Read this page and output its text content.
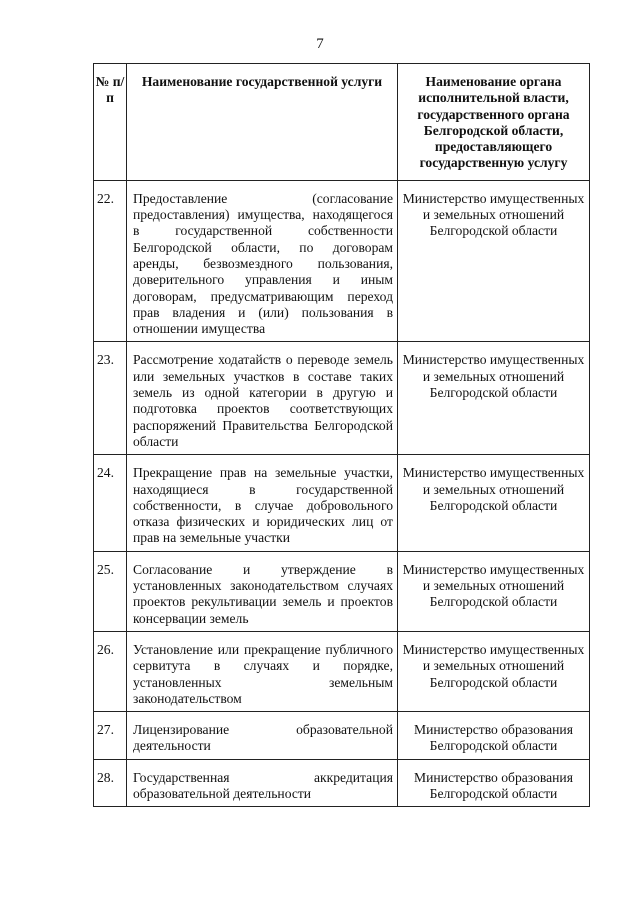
7
№ п/п	Наименование государственной услуги	Наименование органа исполнительной власти, государственного органа Белгородской области, предоставляющего государственную услугу
22.	Предоставление (согласование предоставления) имущества, находящегося в государственной собственности Белгородской области, по договорам аренды, безвозмездного пользования, доверительного управления и иным договорам, предусматривающим переход прав владения и (или) пользования в отношении имущества	Министерство имущественных и земельных отношений Белгородской области
23.	Рассмотрение ходатайств о переводе земель или земельных участков в составе таких земель из одной категории в другую и подготовка проектов соответствующих распоряжений Правительства Белгородской области	Министерство имущественных и земельных отношений Белгородской области
24.	Прекращение прав на земельные участки, находящиеся в государственной собственности, в случае добровольного отказа физических и юридических лиц от прав на земельные участки	Министерство имущественных и земельных отношений Белгородской области
25.	Согласование и утверждение в установленных законодательством случаях проектов рекультивации земель и проектов консервации земель	Министерство имущественных и земельных отношений Белгородской области
26.	Установление или прекращение публичного сервитута в случаях и порядке, установленных земельным законодательством	Министерство имущественных и земельных отношений Белгородской области
27.	Лицензирование образовательной деятельности	Министерство образования Белгородской области
28.	Государственная аккредитация образовательной деятельности	Министерство образования Белгородской области
